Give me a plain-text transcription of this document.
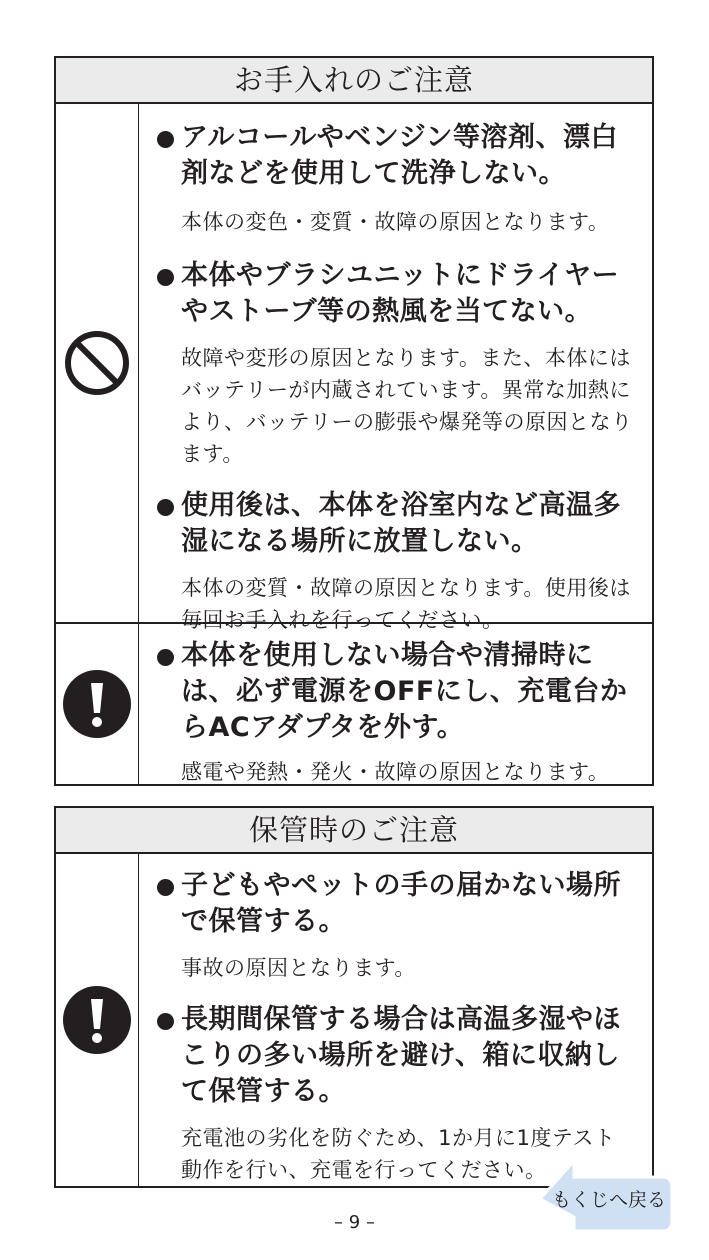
お手入れのご注意
アルコールやベンジン等溶剤、漂白剤などを使用して洗浄しない。
本体の変色・変質・故障の原因となります。
本体やブラシユニットにドライヤーやストーブ等の熱風を当てない。
故障や変形の原因となります。また、本体にはバッテリーが内蔵されています。異常な加熱により、バッテリーの膨張や爆発等の原因となります。
使用後は、本体を浴室内など高温多湿になる場所に放置しない。
本体の変質・故障の原因となります。使用後は毎回お手入れを行ってください。
本体を使用しない場合や清掃時には、必ず電源をOFFにし、充電台からACアダプタを外す。
感電や発熱・発火・故障の原因となります。
保管時のご注意
子どもやペットの手の届かない場所で保管する。
事故の原因となります。
長期間保管する場合は高温多湿やほこりの多い場所を避け、箱に収納して保管する。
充電池の劣化を防ぐため、1か月に1度テスト動作を行い、充電を行ってください。
もくじへ戻る
– 9 –
